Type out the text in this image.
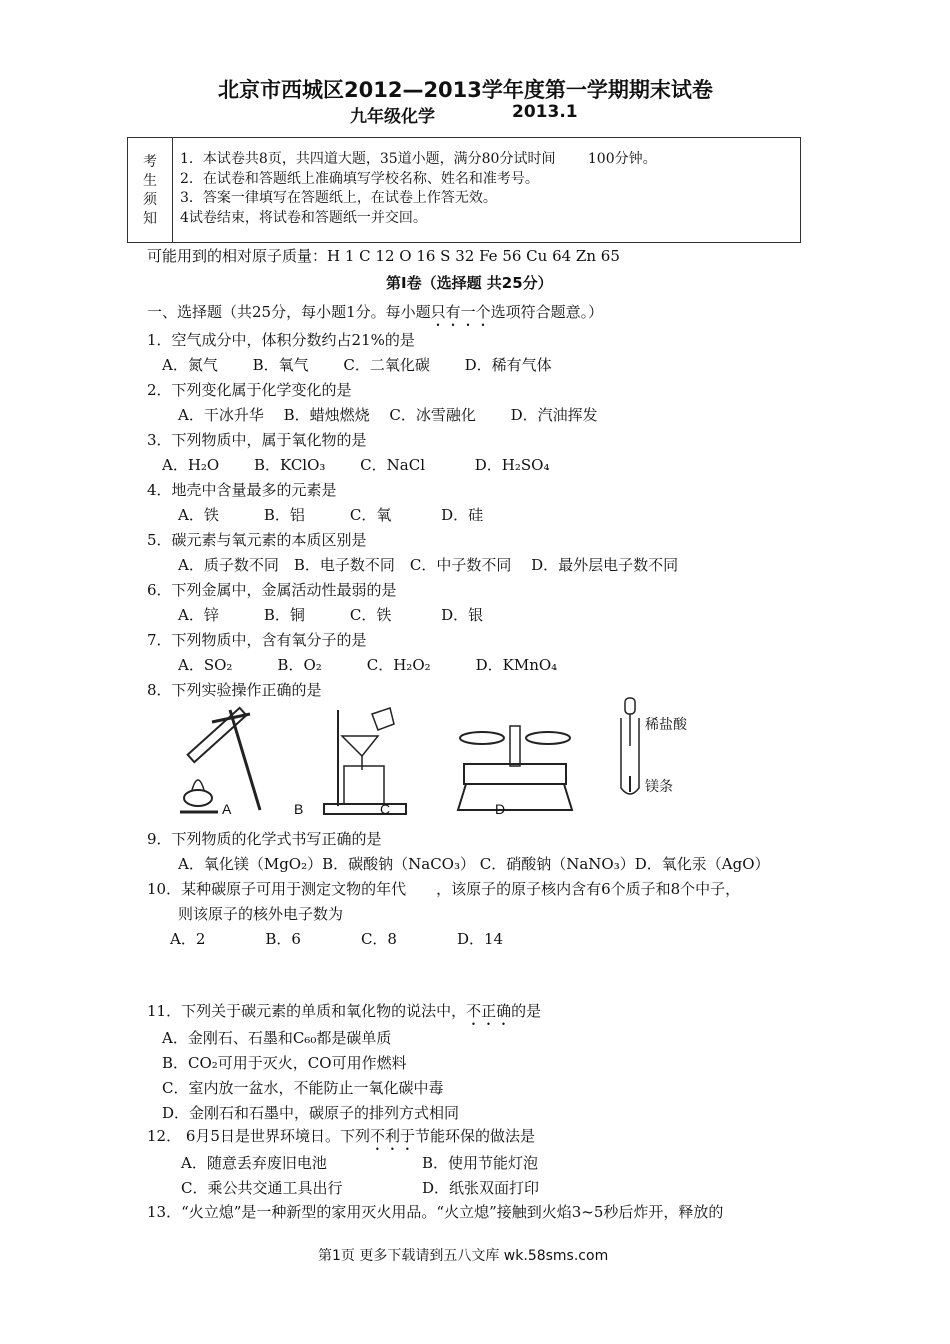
北京市西城区2012—2013学年度第一学期期末试卷
九年级化学	2013.1
考
生
须
知
1．本试卷共8页，共四道大题，35道小题，满分80分试时间　　 100分钟。
2．在试卷和答题纸上准确填写学校名称、姓名和准考号。
3．答案一律填写在答题纸上，在试卷上作答无效。
4试卷结束，将试卷和答题纸一并交回。
可能用到的相对原子质量：H 1 C 12 O 16 S 32 Fe 56 Cu 64 Zn 65
第Ⅰ卷（选择题 共25分）
一、选择题（共25分，每小题1分。每小题只有一个选项符合题意。）
1．空气成分中，体积分数约占21%的是
A．氮气　　 B．氧气　　 C．二氧化碳　　 D．稀有气体
2．下列变化属于化学变化的是
A．干冰升华　 B．蜡烛燃烧　 C．冰雪融化　　 D．汽油挥发
3．下列物质中，属于氧化物的是
A．H₂O　　 B．KClO₃　　 C．NaCl　　　 D．H₂SO₄
4．地壳中含量最多的元素是
A．铁　　　B．铝　　　C．氧　　　 D．硅
5．碳元素与氧元素的本质区别是
A．质子数不同　B．电子数不同　C．中子数不同　 D．最外层电子数不同
6．下列金属中，金属活动性最弱的是
A．锌　　　B．铜　　　C．铁　　　 D．银
7．下列物质中，含有氧分子的是
A．SO₂　　　B．O₂　　　C．H₂O₂　　　D．KMnO₄
8．下列实验操作正确的是
稀盐酸
镁条
A	B	C	D
9．下列物质的化学式书写正确的是
A．氧化镁（MgO₂）B．碳酸钠（NaCO₃） C．硝酸钠（NaNO₃）D．氧化汞（AgO）
10．某种碳原子可用于测定文物的年代　　，该原子的原子核内含有6个质子和8个中子，
则该原子的核外电子数为
A．2　　　　B．6　　　　C．8　　　　D．14
11．下列关于碳元素的单质和氧化物的说法中，不正确的是
A．金刚石、石墨和C₆₀都是碳单质
B．CO₂可用于灭火，CO可用作燃料
C．室内放一盆水，不能防止一氧化碳中毒
D．金刚石和石墨中，碳原子的排列方式相同
12． 6月5日是世界环境日。下列不利于节能环保的做法是
A．随意丢弃废旧电池	B．使用节能灯泡
C．乘公共交通工具出行	D．纸张双面打印
13．“火立熄”是一种新型的家用灭火用品。“火立熄”接触到火焰3~5秒后炸开，释放的
第1页 更多下载请到五八文库 wk.58sms.com
